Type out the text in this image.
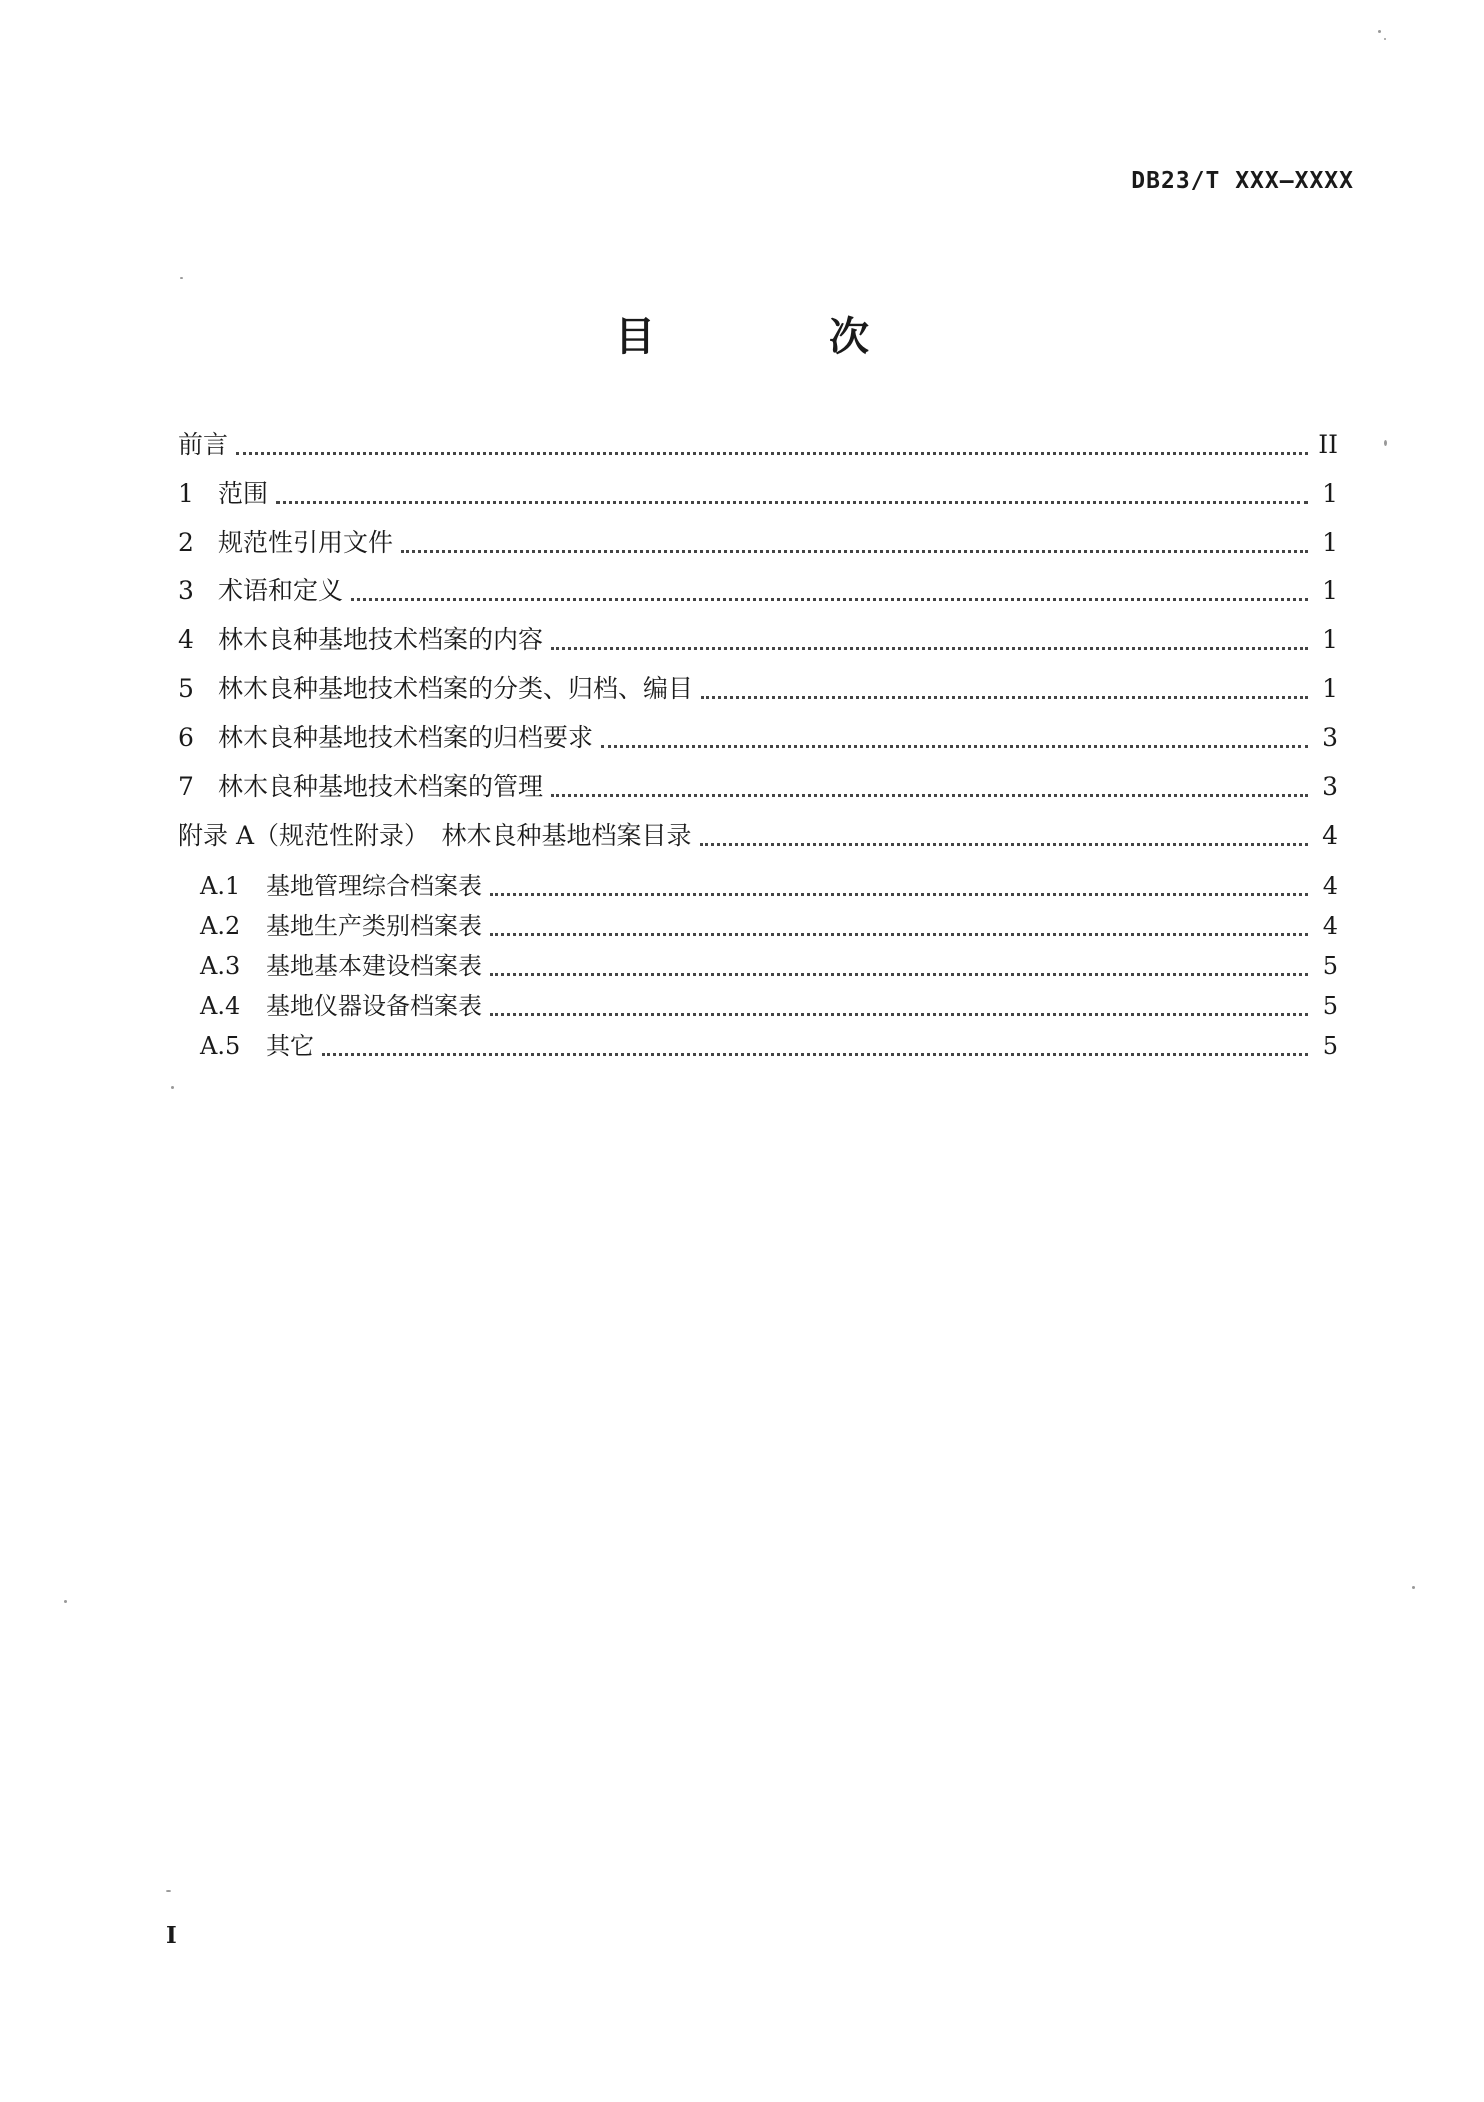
DB23/T XXX—XXXX
目 次
前言	II
1 范围	1
2 规范性引用文件	1
3 术语和定义	1
4 林木良种基地技术档案的内容	1
5 林木良种基地技术档案的分类、归档、编目	1
6 林木良种基地技术档案的归档要求	3
7 林木良种基地技术档案的管理	3
附录 A（规范性附录）　林木良种基地档案目录	4
A.1	基地管理综合档案表	4
A.2	基地生产类别档案表	4
A.3	基地基本建设档案表	5
A.4	基地仪器设备档案表	5
A.5	其它	5
I
